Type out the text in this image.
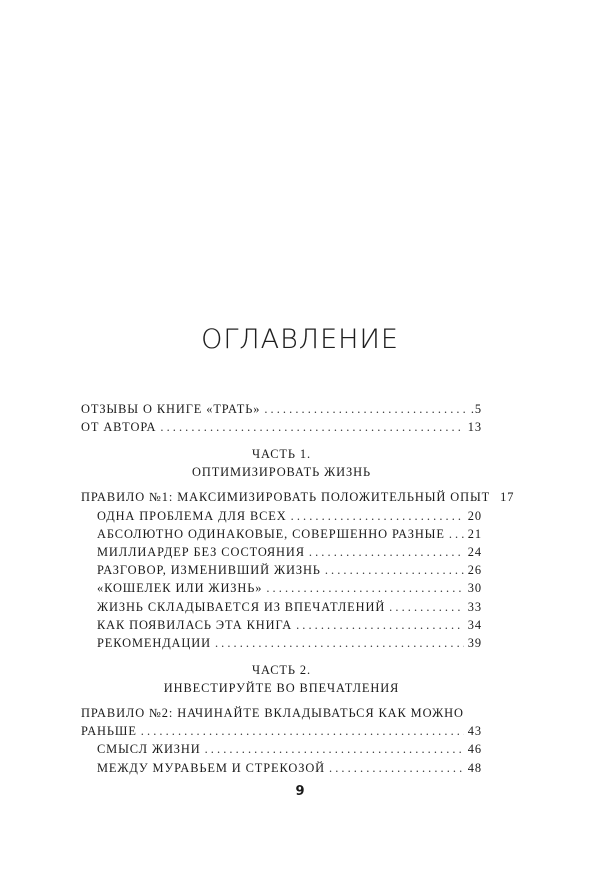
ОГЛАВЛЕНИЕ
ОТЗЫВЫ О КНИГЕ «ТРАТЬ» . . .	.5
ОТ АВТОРА . . .	13
ЧАСТЬ 1.
ОПТИМИЗИРОВАТЬ ЖИЗНЬ
ПРАВИЛО №1: МАКСИМИЗИРОВАТЬ ПОЛОЖИТЕЛЬНЫЙ ОПЫТ 17
ОДНА ПРОБЛЕМА ДЛЯ ВСЕХ . . .	20
АБСОЛЮТНО ОДИНАКОВЫЕ, СОВЕРШЕННО РАЗНЫЕ . . . 21
МИЛЛИАРДЕР БЕЗ СОСТОЯНИЯ . . .	24
РАЗГОВОР, ИЗМЕНИВШИЙ ЖИЗНЬ . . .	26
«КОШЕЛЕК ИЛИ ЖИЗНЬ» . . .	30
ЖИЗНЬ СКЛАДЫВАЕТСЯ ИЗ ВПЕЧАТЛЕНИЙ . . .	33
КАК ПОЯВИЛАСЬ ЭТА КНИГА . . .	34
РЕКОМЕНДАЦИИ . . .	39
ЧАСТЬ 2.
ИНВЕСТИРУЙТЕ ВО ВПЕЧАТЛЕНИЯ
ПРАВИЛО №2: НАЧИНАЙТЕ ВКЛАДЫВАТЬСЯ КАК МОЖНО
РАНЬШЕ . . .	43
СМЫСЛ ЖИЗНИ . . .	46
МЕЖДУ МУРАВЬЕМ И СТРЕКОЗОЙ . . .	48
9
